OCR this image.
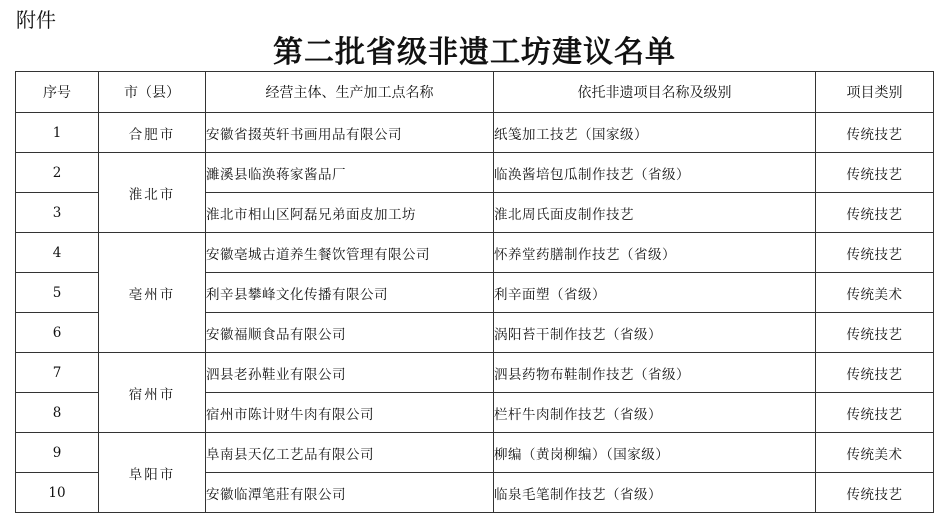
附件
第二批省级非遗工坊建议名单
序号	市（县）	经营主体、生产加工点名称	依托非遗项目名称及级别	项目类别
1	合肥市	安徽省掇英轩书画用品有限公司	纸笺加工技艺（国家级）	传统技艺
2	淮北市	濉溪县临涣蒋家酱品厂	临涣酱培包瓜制作技艺（省级）	传统技艺
3		淮北市相山区阿磊兄弟面皮加工坊	淮北周氏面皮制作技艺	传统技艺
4	亳州市	安徽亳城古道养生餐饮管理有限公司	怀养堂药膳制作技艺（省级）	传统技艺
5		利辛县攀峰文化传播有限公司	利辛面塑（省级）	传统美术
6		安徽福顺食品有限公司	涡阳苔干制作技艺（省级）	传统技艺
7	宿州市	泗县老孙鞋业有限公司	泗县药物布鞋制作技艺（省级）	传统技艺
8		宿州市陈计财牛肉有限公司	栏杆牛肉制作技艺（省级）	传统技艺
9	阜阳市	阜南县天亿工艺品有限公司	柳编（黄岗柳编）（国家级）	传统美术
10		安徽临潭笔莊有限公司	临泉毛笔制作技艺（省级）	传统技艺
